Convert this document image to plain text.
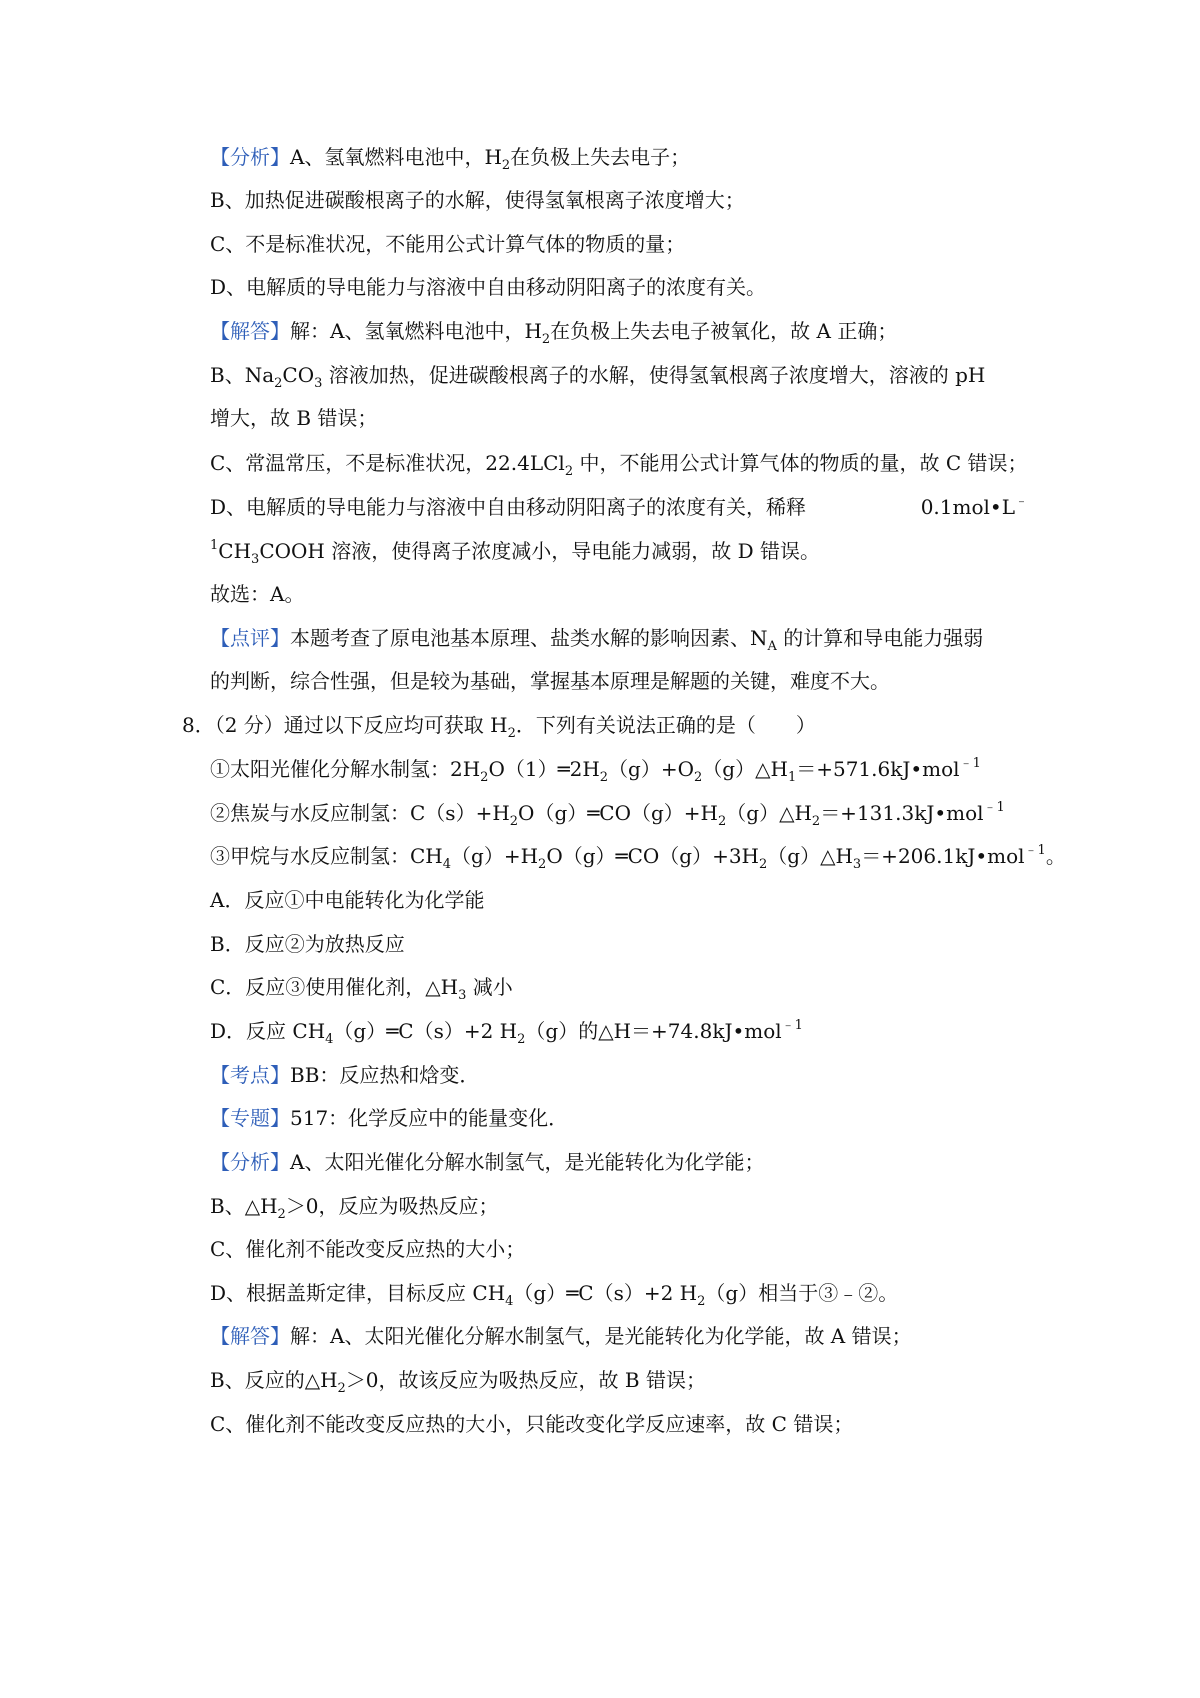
【分析】A、氢氧燃料电池中，$H_2$在负极上失去电子；
B、加热促进碳酸根离子的水解，使得氢氧根离子浓度增大；
C、不是标准状况，不能用公式计算气体的物质的量；
D、电解质的导电能力与溶液中自由移动阴阳离子的浓度有关。
【解答】解：A、氢氧燃料电池中，$H_2$在负极上失去电子被氧化，故 A 正确；
B、$Na_2CO_3$ 溶液加热，促进碳酸根离子的水解，使得氢氧根离子浓度增大，溶液的 pH
增大，故 B 错误；
C、常温常压，不是标准状况，22.4LCl$_2$ 中，不能用公式计算气体的物质的量，故 C 错误；
D、电解质的导电能力与溶液中自由移动阴阳离子的浓度有关，稀释	0.1mol•L﹣
$^1CH_3COOH$ 溶液，使得离子浓度减小，导电能力减弱，故 D 错误。
故选：A。
【点评】本题考查了原电池基本原理、盐类水解的影响因素、$N_A$ 的计算和导电能力强弱
的判断，综合性强，但是较为基础，掌握基本原理是解题的关键，难度不大。
8．（2 分）通过以下反应均可获取 $H_2$．下列有关说法正确的是（　　）
①太阳光催化分解水制氢：$2H_2O(1)═2H_2(g)+O_2(g)\triangle H_1=+571.6kJ•mol^{﹣1}$
②焦炭与水反应制氢：$C(s)+H_2O(g)═CO(g)+H_2(g)\triangle H_2=+131.3kJ•mol^{﹣1}$
③甲烷与水反应制氢：$CH_4(g)+H_2O(g)═CO(g)+3H_2(g)\triangle H_3=+206.1kJ•mol^{﹣1}$。
A．反应①中电能转化为化学能
B．反应②为放热反应
C．反应③使用催化剂，$\triangle H_3$ 减小
D．反应 $CH_4(g)═C(s)+2$ $H_2(g)$的△H＝+74.8kJ•mol$^{﹣1}$
【考点】BB：反应热和焓变．
【专题】517：化学反应中的能量变化．
【分析】A、太阳光催化分解水制氢气，是光能转化为化学能；
B、$\triangle H_2>0$，反应为吸热反应；
C、催化剂不能改变反应热的大小；
D、根据盖斯定律，目标反应 $CH_4(g)═C(s)+2$ $H_2(g)$相当于③﹣②。
【解答】解：A、太阳光催化分解水制氢气，是光能转化为化学能，故 A 错误；
B、反应的$\triangle H_2>0$，故该反应为吸热反应，故 B 错误；
C、催化剂不能改变反应热的大小，只能改变化学反应速率，故 C 错误；
